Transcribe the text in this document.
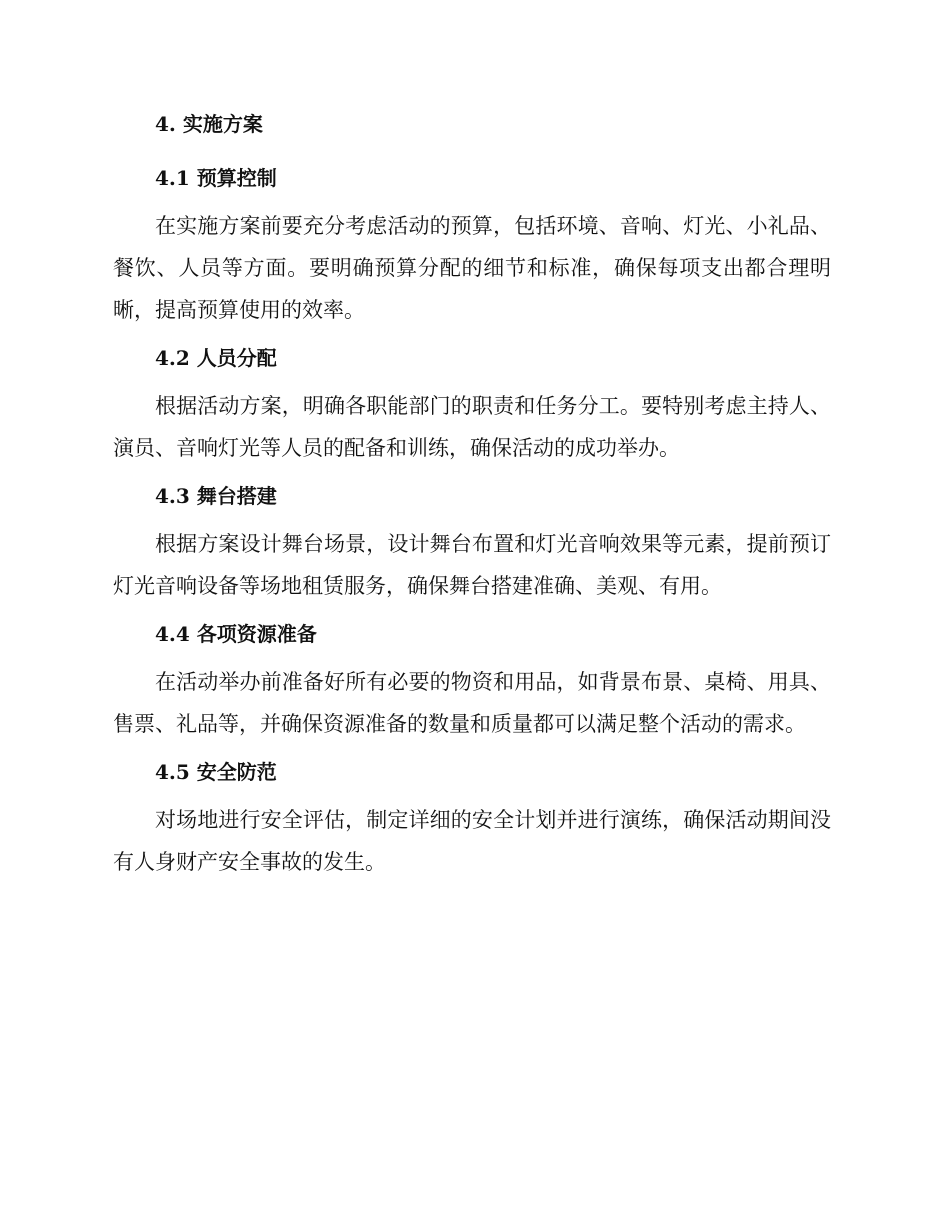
4. 实施方案
4.1 预算控制

在实施方案前要充分考虑活动的预算，包括环境、音响、灯光、小礼品、餐饮、人员等方面。要明确预算分配的细节和标准，确保每项支出都合理明晰，提高预算使用的效率。

4.2 人员分配

根据活动方案，明确各职能部门的职责和任务分工。要特别考虑主持人、演员、音响灯光等人员的配备和训练，确保活动的成功举办。

4.3 舞台搭建

根据方案设计舞台场景，设计舞台布置和灯光音响效果等元素，提前预订灯光音响设备等场地租赁服务，确保舞台搭建准确、美观、有用。

4.4 各项资源准备

在活动举办前准备好所有必要的物资和用品，如背景布景、桌椅、用具、售票、礼品等，并确保资源准备的数量和质量都可以满足整个活动的需求。

4.5 安全防范

对场地进行安全评估，制定详细的安全计划并进行演练，确保活动期间没有人身财产安全事故的发生。
